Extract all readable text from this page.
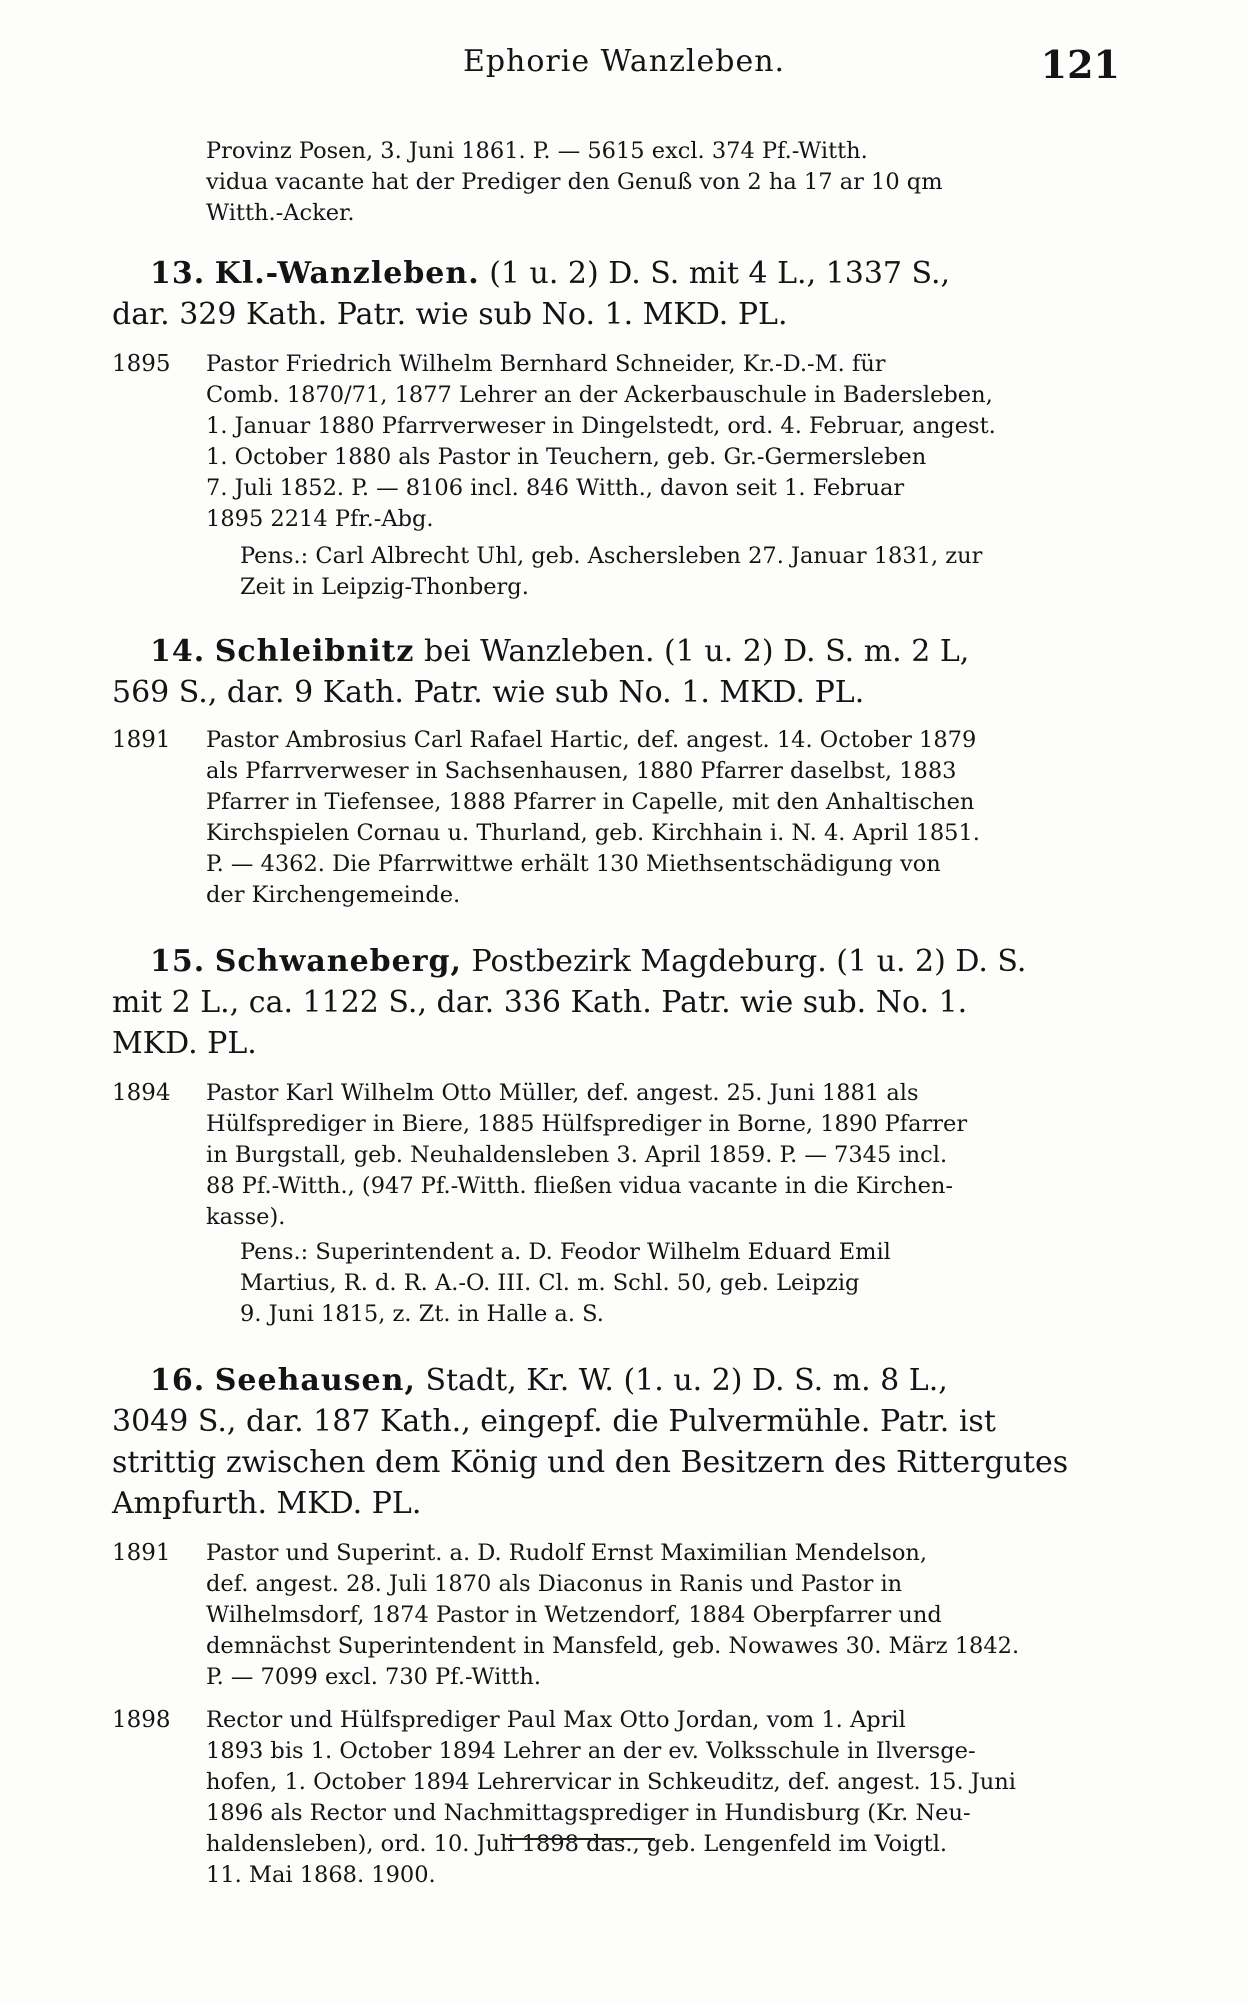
Ephorie Wanzleben.	121

Provinz Posen, 3. Juni 1861. P. — 5615 excl. 374 Pf.-Witth.
vidua vacante hat der Prediger den Genuß von 2 ha 17 ar 10 qm
Witth.-Acker.

13. Kl.-Wanzleben. (1 u. 2) D. S. mit 4 L., 1337 S.,
dar. 329 Kath. Patr. wie sub No. 1. MKD. PL.

1895	Pastor Friedrich Wilhelm Bernhard Schneider, Kr.-D.-M. für
Comb. 1870/71, 1877 Lehrer an der Ackerbauschule in Badersleben,
1. Januar 1880 Pfarrverweser in Dingelstedt, ord. 4. Februar, angest.
1. October 1880 als Pastor in Teuchern, geb. Gr.-Germersleben
7. Juli 1852. P. — 8106 incl. 846 Witth., davon seit 1. Februar
1895 2214 Pfr.-Abg.

Pens.: Carl Albrecht Uhl, geb. Aschersleben 27. Januar 1831, zur
Zeit in Leipzig-Thonberg.

14. Schleibnitz bei Wanzleben. (1 u. 2) D. S. m. 2 L,
569 S., dar. 9 Kath. Patr. wie sub No. 1. MKD. PL.

1891	Pastor Ambrosius Carl Rafael Hartic, def. angest. 14. October 1879
als Pfarrverweser in Sachsenhausen, 1880 Pfarrer daselbst, 1883
Pfarrer in Tiefensee, 1888 Pfarrer in Capelle, mit den Anhaltischen
Kirchspielen Cornau u. Thurland, geb. Kirchhain i. N. 4. April 1851.
P. — 4362. Die Pfarrwittwe erhält 130 Miethsentschädigung von
der Kirchengemeinde.

15. Schwaneberg, Postbezirk Magdeburg. (1 u. 2) D. S.
mit 2 L., ca. 1122 S., dar. 336 Kath. Patr. wie sub. No. 1.
MKD. PL.

1894	Pastor Karl Wilhelm Otto Müller, def. angest. 25. Juni 1881 als
Hülfsprediger in Biere, 1885 Hülfsprediger in Borne, 1890 Pfarrer
in Burgstall, geb. Neuhaldensleben 3. April 1859. P. — 7345 incl.
88 Pf.-Witth., (947 Pf.-Witth. fließen vidua vacante in die Kirchen-
kasse).

Pens.: Superintendent a. D. Feodor Wilhelm Eduard Emil
Martius, R. d. R. A.-O. III. Cl. m. Schl. 50, geb. Leipzig
9. Juni 1815, z. Zt. in Halle a. S.

16. Seehausen, Stadt, Kr. W. (1. u. 2) D. S. m. 8 L.,
3049 S., dar. 187 Kath., eingepf. die Pulvermühle. Patr. ist
strittig zwischen dem König und den Besitzern des Rittergutes
Ampfurth. MKD. PL.

1891	Pastor und Superint. a. D. Rudolf Ernst Maximilian Mendelson,
def. angest. 28. Juli 1870 als Diaconus in Ranis und Pastor in
Wilhelmsdorf, 1874 Pastor in Wetzendorf, 1884 Oberpfarrer und
demnächst Superintendent in Mansfeld, geb. Nowawes 30. März 1842.
P. — 7099 excl. 730 Pf.-Witth.

1898	Rector und Hülfsprediger Paul Max Otto Jordan, vom 1. April
1893 bis 1. October 1894 Lehrer an der ev. Volksschule in Ilversge-
hofen, 1. October 1894 Lehrervicar in Schkeuditz, def. angest. 15. Juni
1896 als Rector und Nachmittagsprediger in Hundisburg (Kr. Neu-
haldensleben), ord. 10. Juli 1898 das., geb. Lengenfeld im Voigtl.
11. Mai 1868. 1900.
